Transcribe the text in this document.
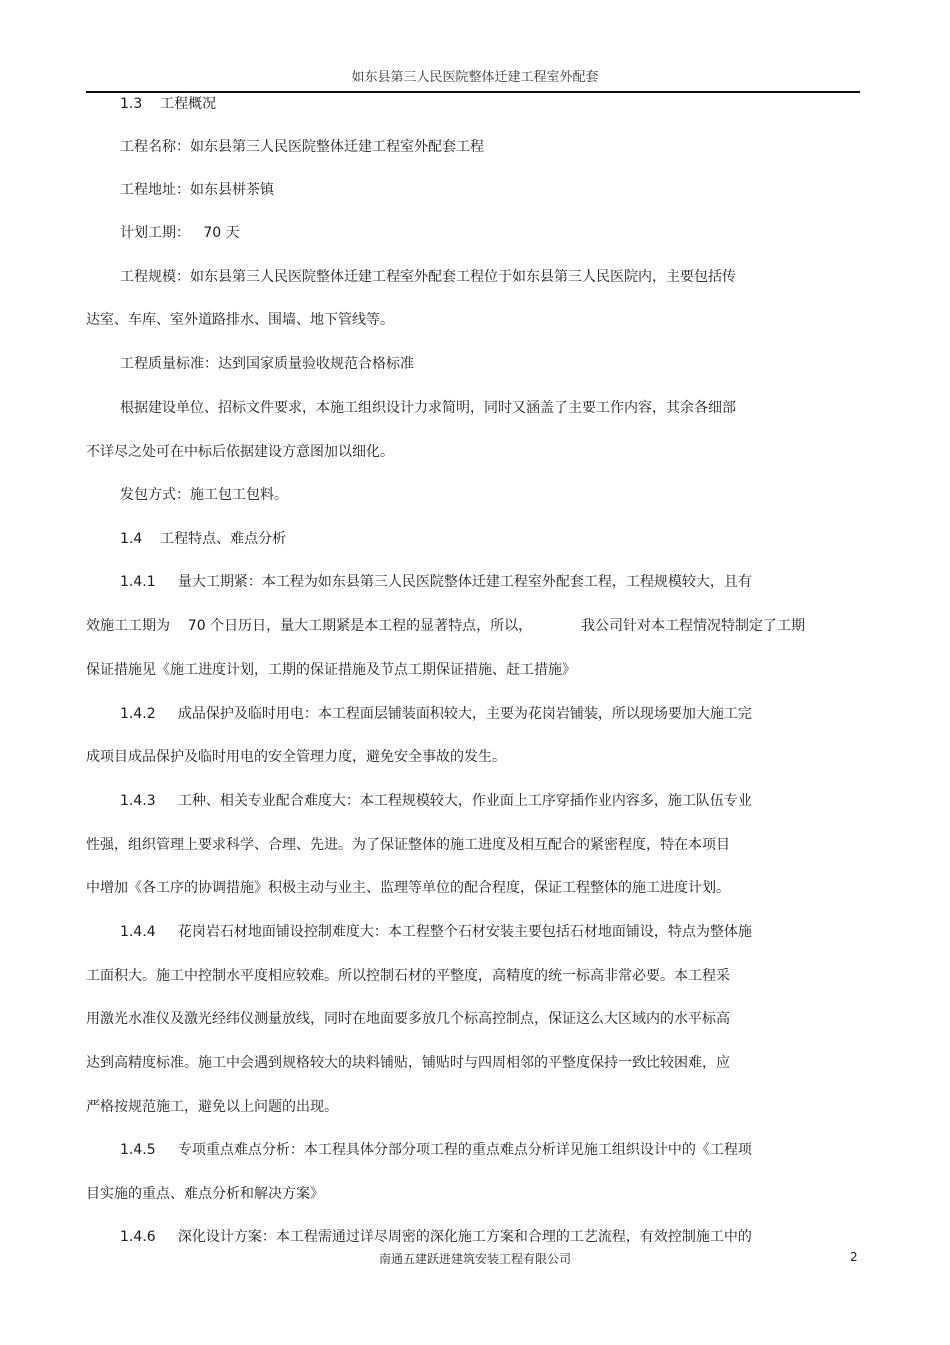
如东县第三人民医院整体迁建工程室外配套
1.3    工程概况
工程名称：如东县第三人民医院整体迁建工程室外配套工程
工程地址：如东县栟茶镇
计划工期：   70 天
工程规模：如东县第三人民医院整体迁建工程室外配套工程位于如东县第三人民医院内，主要包括传
达室、车库、室外道路排水、围墙、地下管线等。
工程质量标准：达到国家质量验收规范合格标准
根据建设单位、招标文件要求，本施工组织设计力求简明，同时又涵盖了主要工作内容，其余各细部
不详尽之处可在中标后依据建设方意图加以细化。
发包方式：施工包工包料。
1.4    工程特点、难点分析
1.4.1     量大工期紧：本工程为如东县第三人民医院整体迁建工程室外配套工程，工程规模较大，且有
效施工工期为    70 个日历日，量大工期紧是本工程的显著特点，所以，           我公司针对本工程情况特制定了工期
保证措施见《施工进度计划，工期的保证措施及节点工期保证措施、赶工措施》
1.4.2     成品保护及临时用电：本工程面层铺装面积较大，主要为花岗岩铺装，所以现场要加大施工完
成项目成品保护及临时用电的安全管理力度，避免安全事故的发生。
1.4.3     工种、相关专业配合难度大：本工程规模较大，作业面上工序穿插作业内容多，施工队伍专业
性强，组织管理上要求科学、合理、先进。为了保证整体的施工进度及相互配合的紧密程度，特在本项目
中增加《各工序的协调措施》积极主动与业主、监理等单位的配合程度，保证工程整体的施工进度计划。
1.4.4     花岗岩石材地面铺设控制难度大：本工程整个石材安装主要包括石材地面铺设，特点为整体施
工面积大。施工中控制水平度相应较难。所以控制石材的平整度，高精度的统一标高非常必要。本工程采
用激光水准仪及激光经纬仪测量放线，同时在地面要多放几个标高控制点，保证这么大区域内的水平标高
达到高精度标准。施工中会遇到规格较大的块料铺贴，铺贴时与四周相邻的平整度保持一致比较困难，应
严格按规范施工，避免以上问题的出现。
1.4.5     专项重点难点分析：本工程具体分部分项工程的重点难点分析详见施工组织设计中的《工程项
目实施的重点、难点分析和解决方案》
1.4.6     深化设计方案：本工程需通过详尽周密的深化施工方案和合理的工艺流程，有效控制施工中的
南通五建跃进建筑安装工程有限公司	2
